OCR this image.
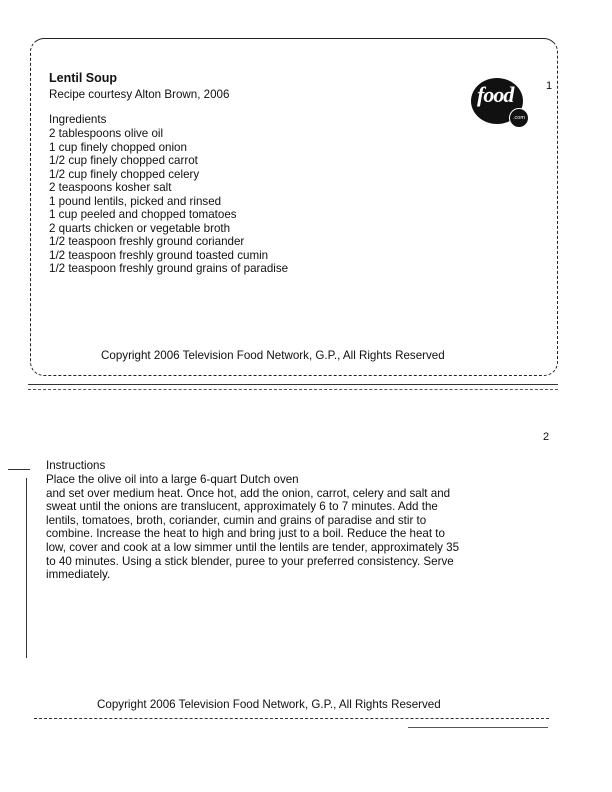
1
Lentil Soup
Recipe courtesy Alton Brown, 2006	food
.com
Ingredients
2 tablespoons olive oil
1 cup finely chopped onion
1/2 cup finely chopped carrot
1/2 cup finely chopped celery
2 teaspoons kosher salt
1 pound lentils, picked and rinsed
1 cup peeled and chopped tomatoes
2 quarts chicken or vegetable broth
1/2 teaspoon freshly ground coriander
1/2 teaspoon freshly ground toasted cumin
1/2 teaspoon freshly ground grains of paradise
Copyright 2006 Television Food Network, G.P., All Rights Reserved
2
Instructions

Place the olive oil into a large 6-quart Dutch oven

and set over medium heat. Once hot, add the onion, carrot, celery and salt and

sweat until the onions are translucent, approximately 6 to 7 minutes. Add the

lentils, tomatoes, broth, coriander, cumin and grains of paradise and stir to

combine. Increase the heat to high and bring just to a boil. Reduce the heat to

low, cover and cook at a low simmer until the lentils are tender, approximately 35

to 40 minutes. Using a stick blender, puree to your preferred consistency. Serve

immediately.

Copyright 2006 Television Food Network, G.P., All Rights Reserved
